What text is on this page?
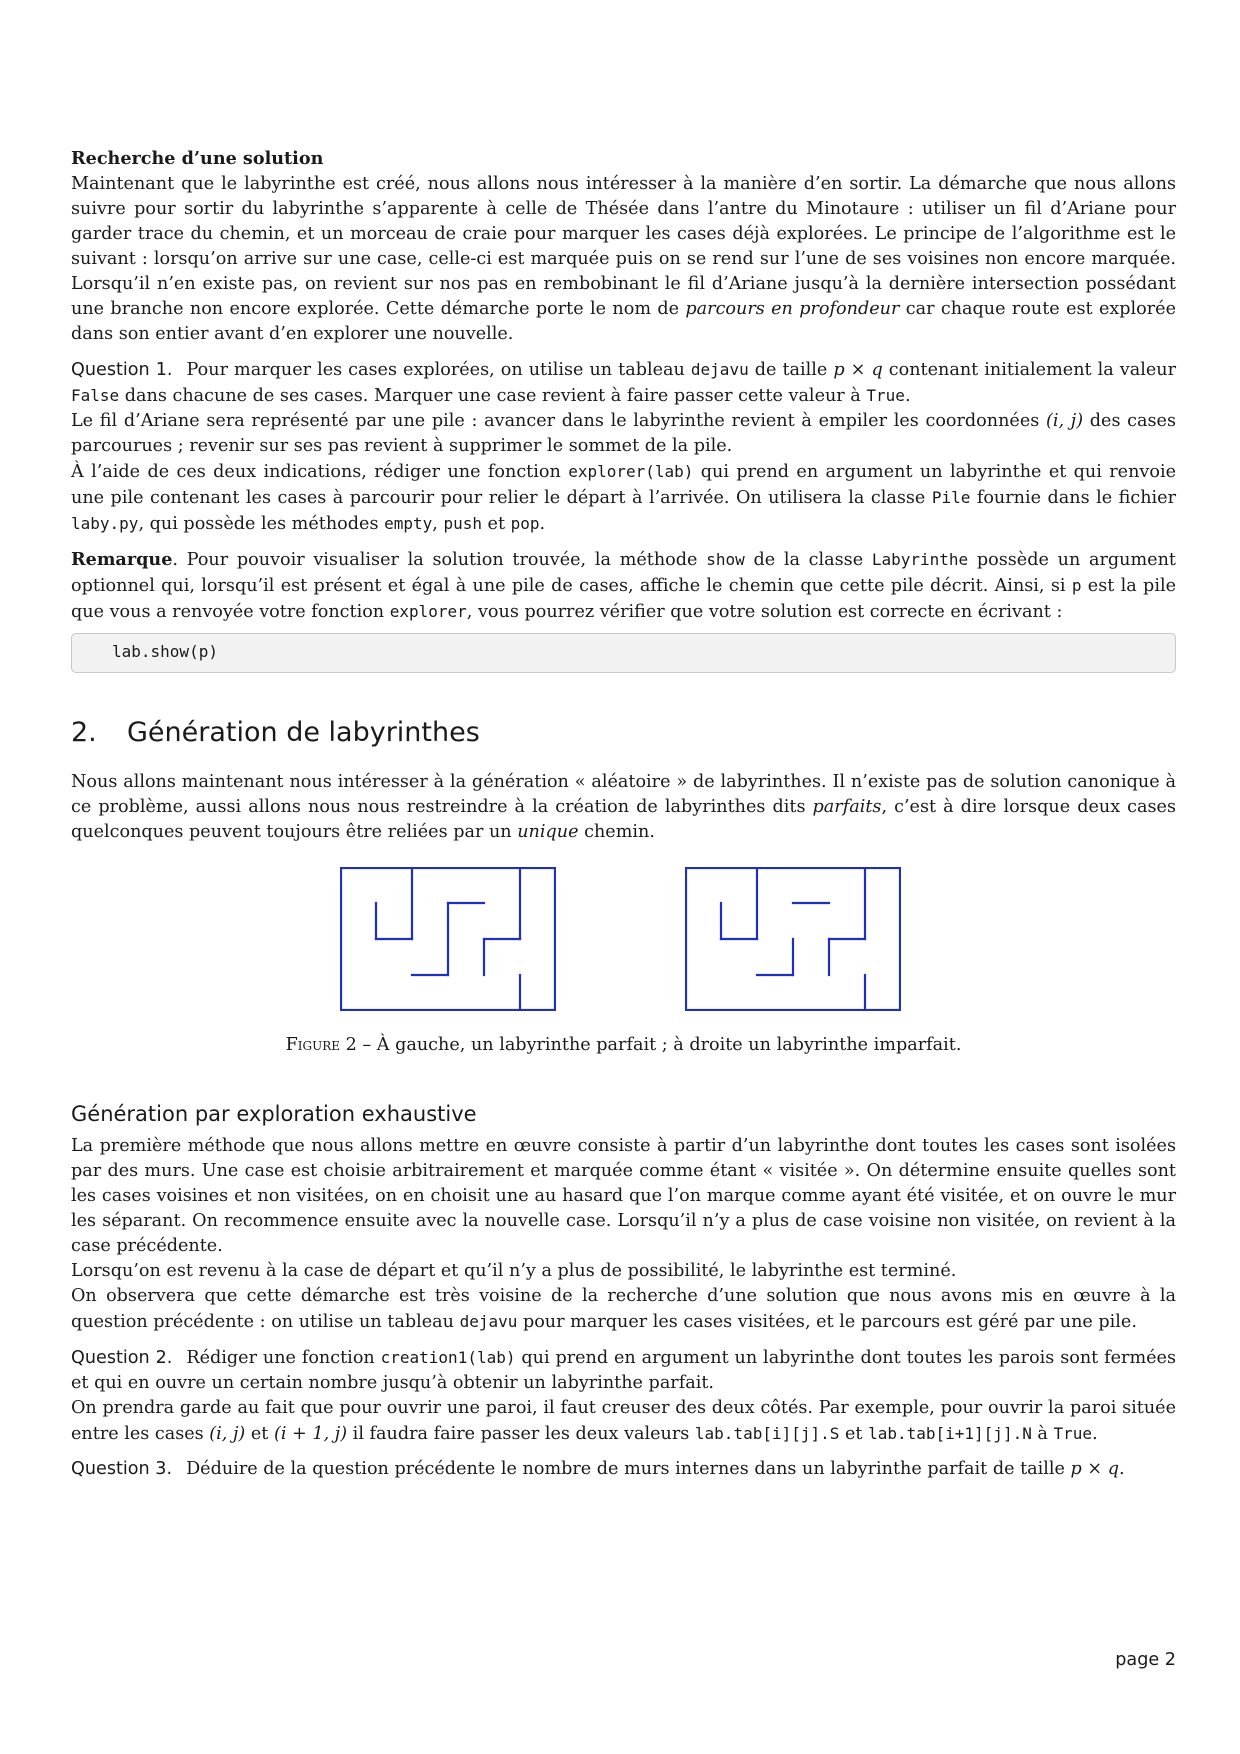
Recherche d’une solution
Maintenant que le labyrinthe est créé, nous allons nous intéresser à la manière d’en sortir. La démarche que nous allons suivre pour sortir du labyrinthe s’apparente à celle de Thésée dans l’antre du Minotaure : utiliser un fil d’Ariane pour garder trace du chemin, et un morceau de craie pour marquer les cases déjà explorées. Le principe de l’algorithme est le suivant : lorsqu’on arrive sur une case, celle-ci est marquée puis on se rend sur l’une de ses voisines non encore marquée. Lorsqu’il n’en existe pas, on revient sur nos pas en rembobinant le fil d’Ariane jusqu’à la dernière intersection possédant une branche non encore explorée. Cette démarche porte le nom de parcours en profondeur car chaque route est explorée dans son entier avant d’en explorer une nouvelle.

Question 1. Pour marquer les cases explorées, on utilise un tableau dejavu de taille p × q contenant initialement la valeur False dans chacune de ses cases. Marquer une case revient à faire passer cette valeur à True.
Le fil d’Ariane sera représenté par une pile : avancer dans le labyrinthe revient à empiler les coordonnées (i, j) des cases parcourues ; revenir sur ses pas revient à supprimer le sommet de la pile.
À l’aide de ces deux indications, rédiger une fonction explorer(lab) qui prend en argument un labyrinthe et qui renvoie une pile contenant les cases à parcourir pour relier le départ à l’arrivée. On utilisera la classe Pile fournie dans le fichier laby.py, qui possède les méthodes empty, push et pop.

Remarque. Pour pouvoir visualiser la solution trouvée, la méthode show de la classe Labyrinthe possède un argument optionnel qui, lorsqu’il est présent et égal à une pile de cases, affiche le chemin que cette pile décrit. Ainsi, si p est la pile que vous a renvoyée votre fonction explorer, vous pourrez vérifier que votre solution est correcte en écrivant :

lab.show(p)
2. Génération de labyrinthes

Nous allons maintenant nous intéresser à la génération « aléatoire » de labyrinthes. Il n’existe pas de solution canonique à ce problème, aussi allons nous nous restreindre à la création de labyrinthes dits parfaits, c’est à dire lorsque deux cases quelconques peuvent toujours être reliées par un unique chemin.

Figure 2 – À gauche, un labyrinthe parfait ; à droite un labyrinthe imparfait.

Génération par exploration exhaustive

La première méthode que nous allons mettre en œuvre consiste à partir d’un labyrinthe dont toutes les cases sont isolées par des murs. Une case est choisie arbitrairement et marquée comme étant « visitée ». On détermine ensuite quelles sont les cases voisines et non visitées, on en choisit une au hasard que l’on marque comme ayant été visitée, et on ouvre le mur les séparant. On recommence ensuite avec la nouvelle case. Lorsqu’il n’y a plus de case voisine non visitée, on revient à la case précédente.
Lorsqu’on est revenu à la case de départ et qu’il n’y a plus de possibilité, le labyrinthe est terminé.
On observera que cette démarche est très voisine de la recherche d’une solution que nous avons mis en œuvre à la question précédente : on utilise un tableau dejavu pour marquer les cases visitées, et le parcours est géré par une pile.

Question 2. Rédiger une fonction creation1(lab) qui prend en argument un labyrinthe dont toutes les parois sont fermées et qui en ouvre un certain nombre jusqu’à obtenir un labyrinthe parfait.
On prendra garde au fait que pour ouvrir une paroi, il faut creuser des deux côtés. Par exemple, pour ouvrir la paroi située entre les cases (i, j) et (i + 1, j) il faudra faire passer les deux valeurs lab.tab[i][j].S et lab.tab[i+1][j].N à True.

Question 3. Déduire de la question précédente le nombre de murs internes dans un labyrinthe parfait de taille p × q.

page 2
